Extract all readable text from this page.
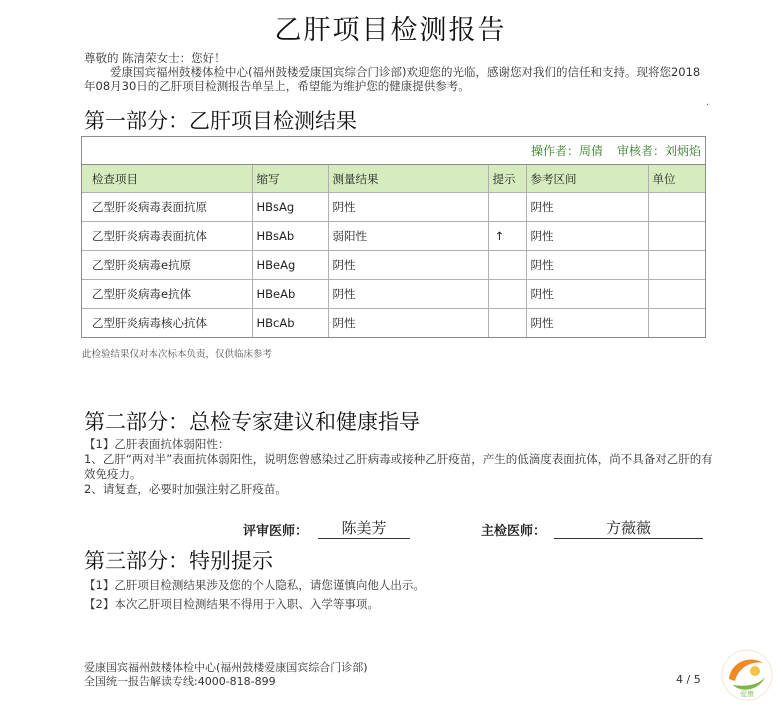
乙肝项目检测报告
尊敬的 陈清荣女士：您好！
爱康国宾福州鼓楼体检中心(福州鼓楼爱康国宾综合门诊部)欢迎您的光临，感谢您对我们的信任和支持。现将您2018年08月30日的乙肝项目检测报告单呈上，希望能为维护您的健康提供参考。
第一部分：乙肝项目检测结果
·
操作者：周倩 审核者：刘炳焰
检查项目	缩写	测量结果	提示	参考区间	单位
乙型肝炎病毒表面抗原	HBsAg	阴性		阴性	
乙型肝炎病毒表面抗体	HBsAb	弱阳性	↑	阴性	
乙型肝炎病毒e抗原	HBeAg	阴性		阴性	
乙型肝炎病毒e抗体	HBeAb	阴性		阴性	
乙型肝炎病毒核心抗体	HBcAb	阴性		阴性	
此检验结果仅对本次标本负责，仅供临床参考
第二部分：总检专家建议和健康指导
【1】乙肝表面抗体弱阳性：
1、乙肝“两对半”表面抗体弱阳性，说明您曾感染过乙肝病毒或接种乙肝疫苗，产生的低滴度表面抗体，尚不具备对乙肝的有效免疫力。
2、请复查，必要时加强注射乙肝疫苗。
评审医师：	陈美芳	主检医师：	方薇薇
第三部分：特别提示
【1】乙肝项目检测结果涉及您的个人隐私，请您谨慎向他人出示。
【2】本次乙肝项目检测结果不得用于入职、入学等事项。
爱康国宾福州鼓楼体检中心(福州鼓楼爱康国宾综合门诊部)
全国统一报告解读专线:4000-818-899	4 / 5
爱康
